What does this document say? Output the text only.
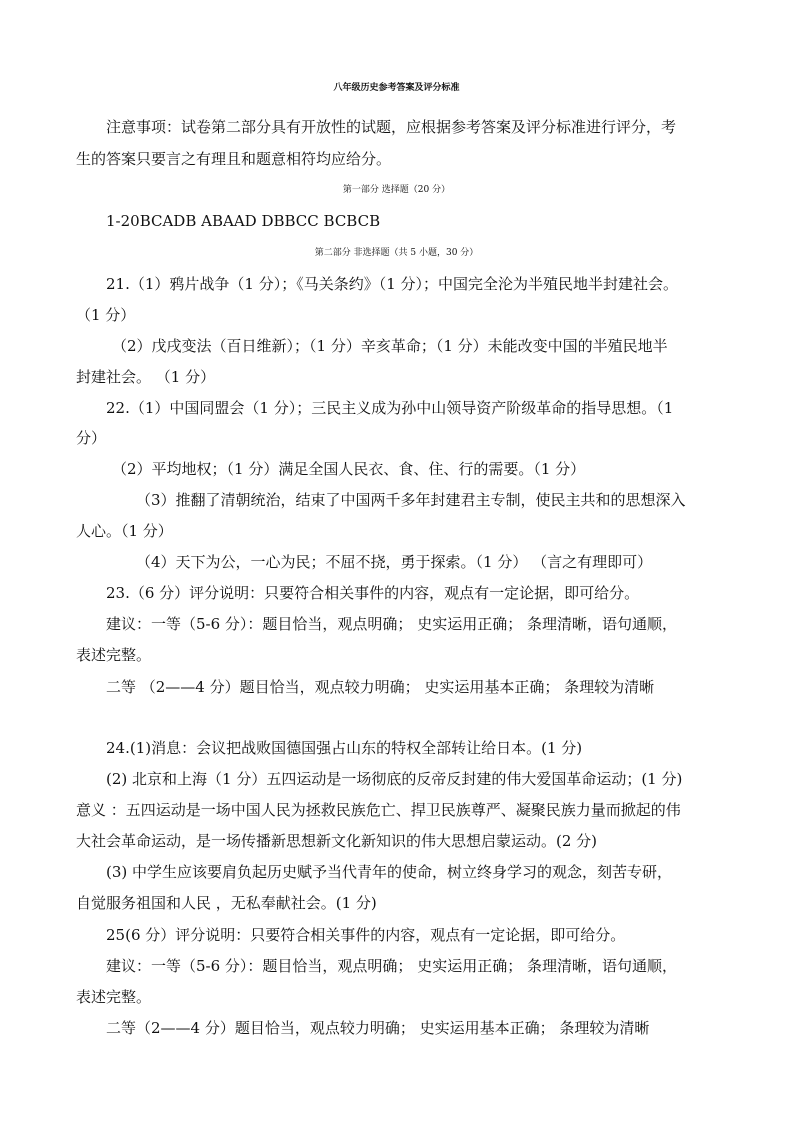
八年级历史参考答案及评分标准
注意事项：试卷第二部分具有开放性的试题，应根据参考答案及评分标准进行评分，考
生的答案只要言之有理且和题意相符均应给分。
第一部分 选择题（20 分）
1-20BCADB ABAAD DBBCC BCBCB
第二部分 非选择题（共 5 小题，30 分）
21.（1）鸦片战争（1 分）；《马关条约》（1 分）；中国完全沦为半殖民地半封建社会。
（1 分）
（2）戊戌变法（百日维新）；（1 分）辛亥革命；（1 分）未能改变中国的半殖民地半
封建社会。 （1 分）
22.（1）中国同盟会（1 分）；三民主义成为孙中山领导资产阶级革命的指导思想。（1
分）
（2）平均地权；（1 分）满足全国人民衣、食、住、行的需要。（1 分）
（3）推翻了清朝统治，结束了中国两千多年封建君主专制，使民主共和的思想深入
人心。（1 分）
（4）天下为公，一心为民；不屈不挠，勇于探索。（1 分） （言之有理即可）
23.（6 分）评分说明：只要符合相关事件的内容，观点有一定论据，即可给分。
建议：一等（5-6 分）：题目恰当，观点明确； 史实运用正确； 条理清晰，语句通顺，
表述完整。
二等 （2——4 分）题目恰当，观点较力明确； 史实运用基本正确； 条理较为清晰
24.(1)消息：会议把战败国德国强占山东的特权全部转让给日本。(1 分)
(2) 北京和上海（1 分）五四运动是一场彻底的反帝反封建的伟大爱国革命运动；(1 分)
意义 ：五四运动是一场中国人民为拯救民族危亡、捍卫民族尊严、凝聚民族力量而掀起的伟
大社会革命运动，是一场传播新思想新文化新知识的伟大思想启蒙运动。(2 分)
(3) 中学生应该要肩负起历史赋予当代青年的使命，树立终身学习的观念，刻苦专研，
自觉服务祖国和人民 ，无私奉献社会。(1 分)
25(6 分）评分说明：只要符合相关事件的内容，观点有一定论据，即可给分。
建议：一等（5-6 分）：题目恰当，观点明确； 史实运用正确； 条理清晰，语句通顺，
表述完整。
二等（2——4 分）题目恰当，观点较力明确； 史实运用基本正确； 条理较为清晰
